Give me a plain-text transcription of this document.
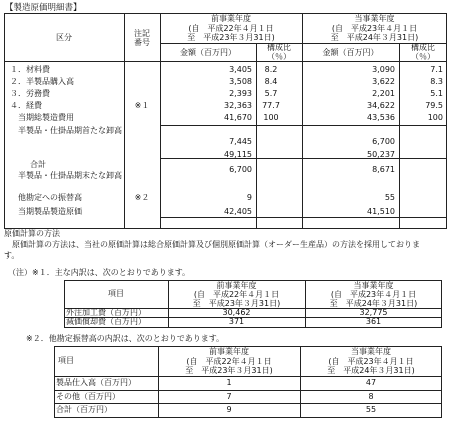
【製造原価明細書】
区分	注記
番号
前事業年度
(自　平成22年４月１日
至　平成23年３月31日)
当事業年度
(自　平成23年４月１日
至　平成24年３月31日)
金額（百万円）
構成比
（％）	金額（百万円）
構成比
（％）
１．材料費	3,405	8.2	3,090	7.1
２．半製品購入高	3,508	8.4	3,622	8.3
３．労務費	2,393	5.7	2,201	5.1
４．経費	※１	32,363	77.7	34,622	79.5
当期総製造費用	41,670	100	43,536	100
半製品・仕掛品期首たな卸高
7,445	6,700
合計
49,115	50,237
半製品・仕掛品期末たな卸高
6,700	8,671
他勘定への振替高	※２	9	55
当期製品製造原価	42,405	41,510
原価計算の方法
　原価計算の方法は、当社の原価計算は総合原価計算及び個別原価計算（オーダー生産品）の方法を採用しておりま
す。
（注）※１．主な内訳は、次のとおりであります。
項目
前事業年度
(自　平成22年４月１日
至　平成23年３月31日)
当事業年度
(自　平成23年４月１日
至　平成24年３月31日)
外注加工費（百万円）	30,462	32,775
減価償却費（百万円）	371	361
※２．他勘定振替高の内訳は、次のとおりであります。
項目
前事業年度
(自　平成22年４月１日
至　平成23年３月31日)
当事業年度
(自　平成23年４月１日
至　平成24年３月31日)
製品仕入高（百万円）	1	47
その他（百万円）	7	8
合計（百万円）	9	55
